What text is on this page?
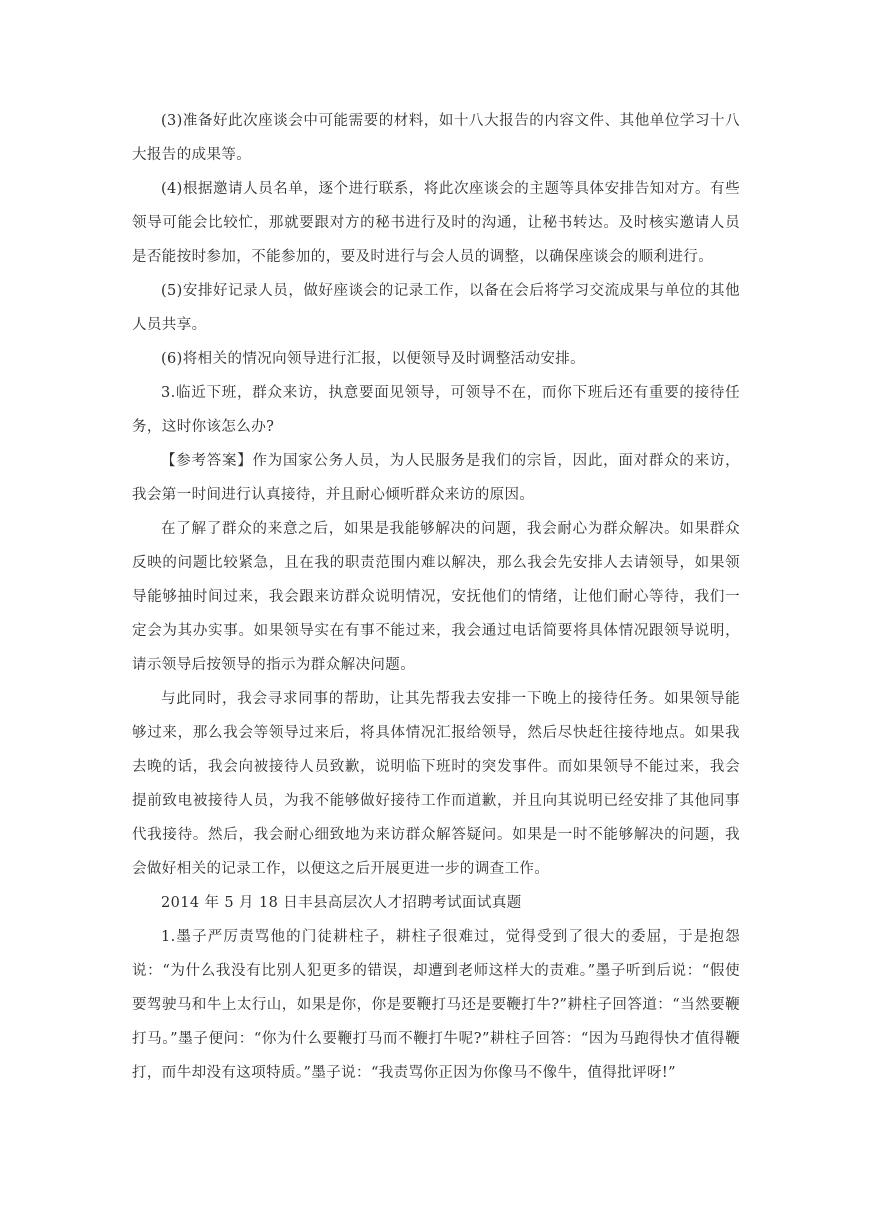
(3)准备好此次座谈会中可能需要的材料，如十八大报告的内容文件、其他单位学习十八大报告的成果等。

(4)根据邀请人员名单，逐个进行联系，将此次座谈会的主题等具体安排告知对方。有些领导可能会比较忙，那就要跟对方的秘书进行及时的沟通，让秘书转达。及时核实邀请人员是否能按时参加，不能参加的，要及时进行与会人员的调整，以确保座谈会的顺利进行。

(5)安排好记录人员，做好座谈会的记录工作，以备在会后将学习交流成果与单位的其他人员共享。

(6)将相关的情况向领导进行汇报，以便领导及时调整活动安排。

3.临近下班，群众来访，执意要面见领导，可领导不在，而你下班后还有重要的接待任务，这时你该怎么办?

【参考答案】作为国家公务人员，为人民服务是我们的宗旨，因此，面对群众的来访，我会第一时间进行认真接待，并且耐心倾听群众来访的原因。

在了解了群众的来意之后，如果是我能够解决的问题，我会耐心为群众解决。如果群众反映的问题比较紧急，且在我的职责范围内难以解决，那么我会先安排人去请领导，如果领导能够抽时间过来，我会跟来访群众说明情况，安抚他们的情绪，让他们耐心等待，我们一定会为其办实事。如果领导实在有事不能过来，我会通过电话简要将具体情况跟领导说明，请示领导后按领导的指示为群众解决问题。

与此同时，我会寻求同事的帮助，让其先帮我去安排一下晚上的接待任务。如果领导能够过来，那么我会等领导过来后，将具体情况汇报给领导，然后尽快赶往接待地点。如果我去晚的话，我会向被接待人员致歉，说明临下班时的突发事件。而如果领导不能过来，我会提前致电被接待人员，为我不能够做好接待工作而道歉，并且向其说明已经安排了其他同事代我接待。然后，我会耐心细致地为来访群众解答疑问。如果是一时不能够解决的问题，我会做好相关的记录工作，以便这之后开展更进一步的调查工作。

2014 年 5 月 18 日丰县高层次人才招聘考试面试真题

1.墨子严厉责骂他的门徒耕柱子，耕柱子很难过，觉得受到了很大的委屈，于是抱怨说：“为什么我没有比别人犯更多的错误，却遭到老师这样大的责难。”墨子听到后说：“假使要驾驶马和牛上太行山，如果是你，你是要鞭打马还是要鞭打牛?”耕柱子回答道：“当然要鞭打马。”墨子便问：“你为什么要鞭打马而不鞭打牛呢?”耕柱子回答：“因为马跑得快才值得鞭打，而牛却没有这项特质。”墨子说：“我责骂你正因为你像马不像牛，值得批评呀!”
